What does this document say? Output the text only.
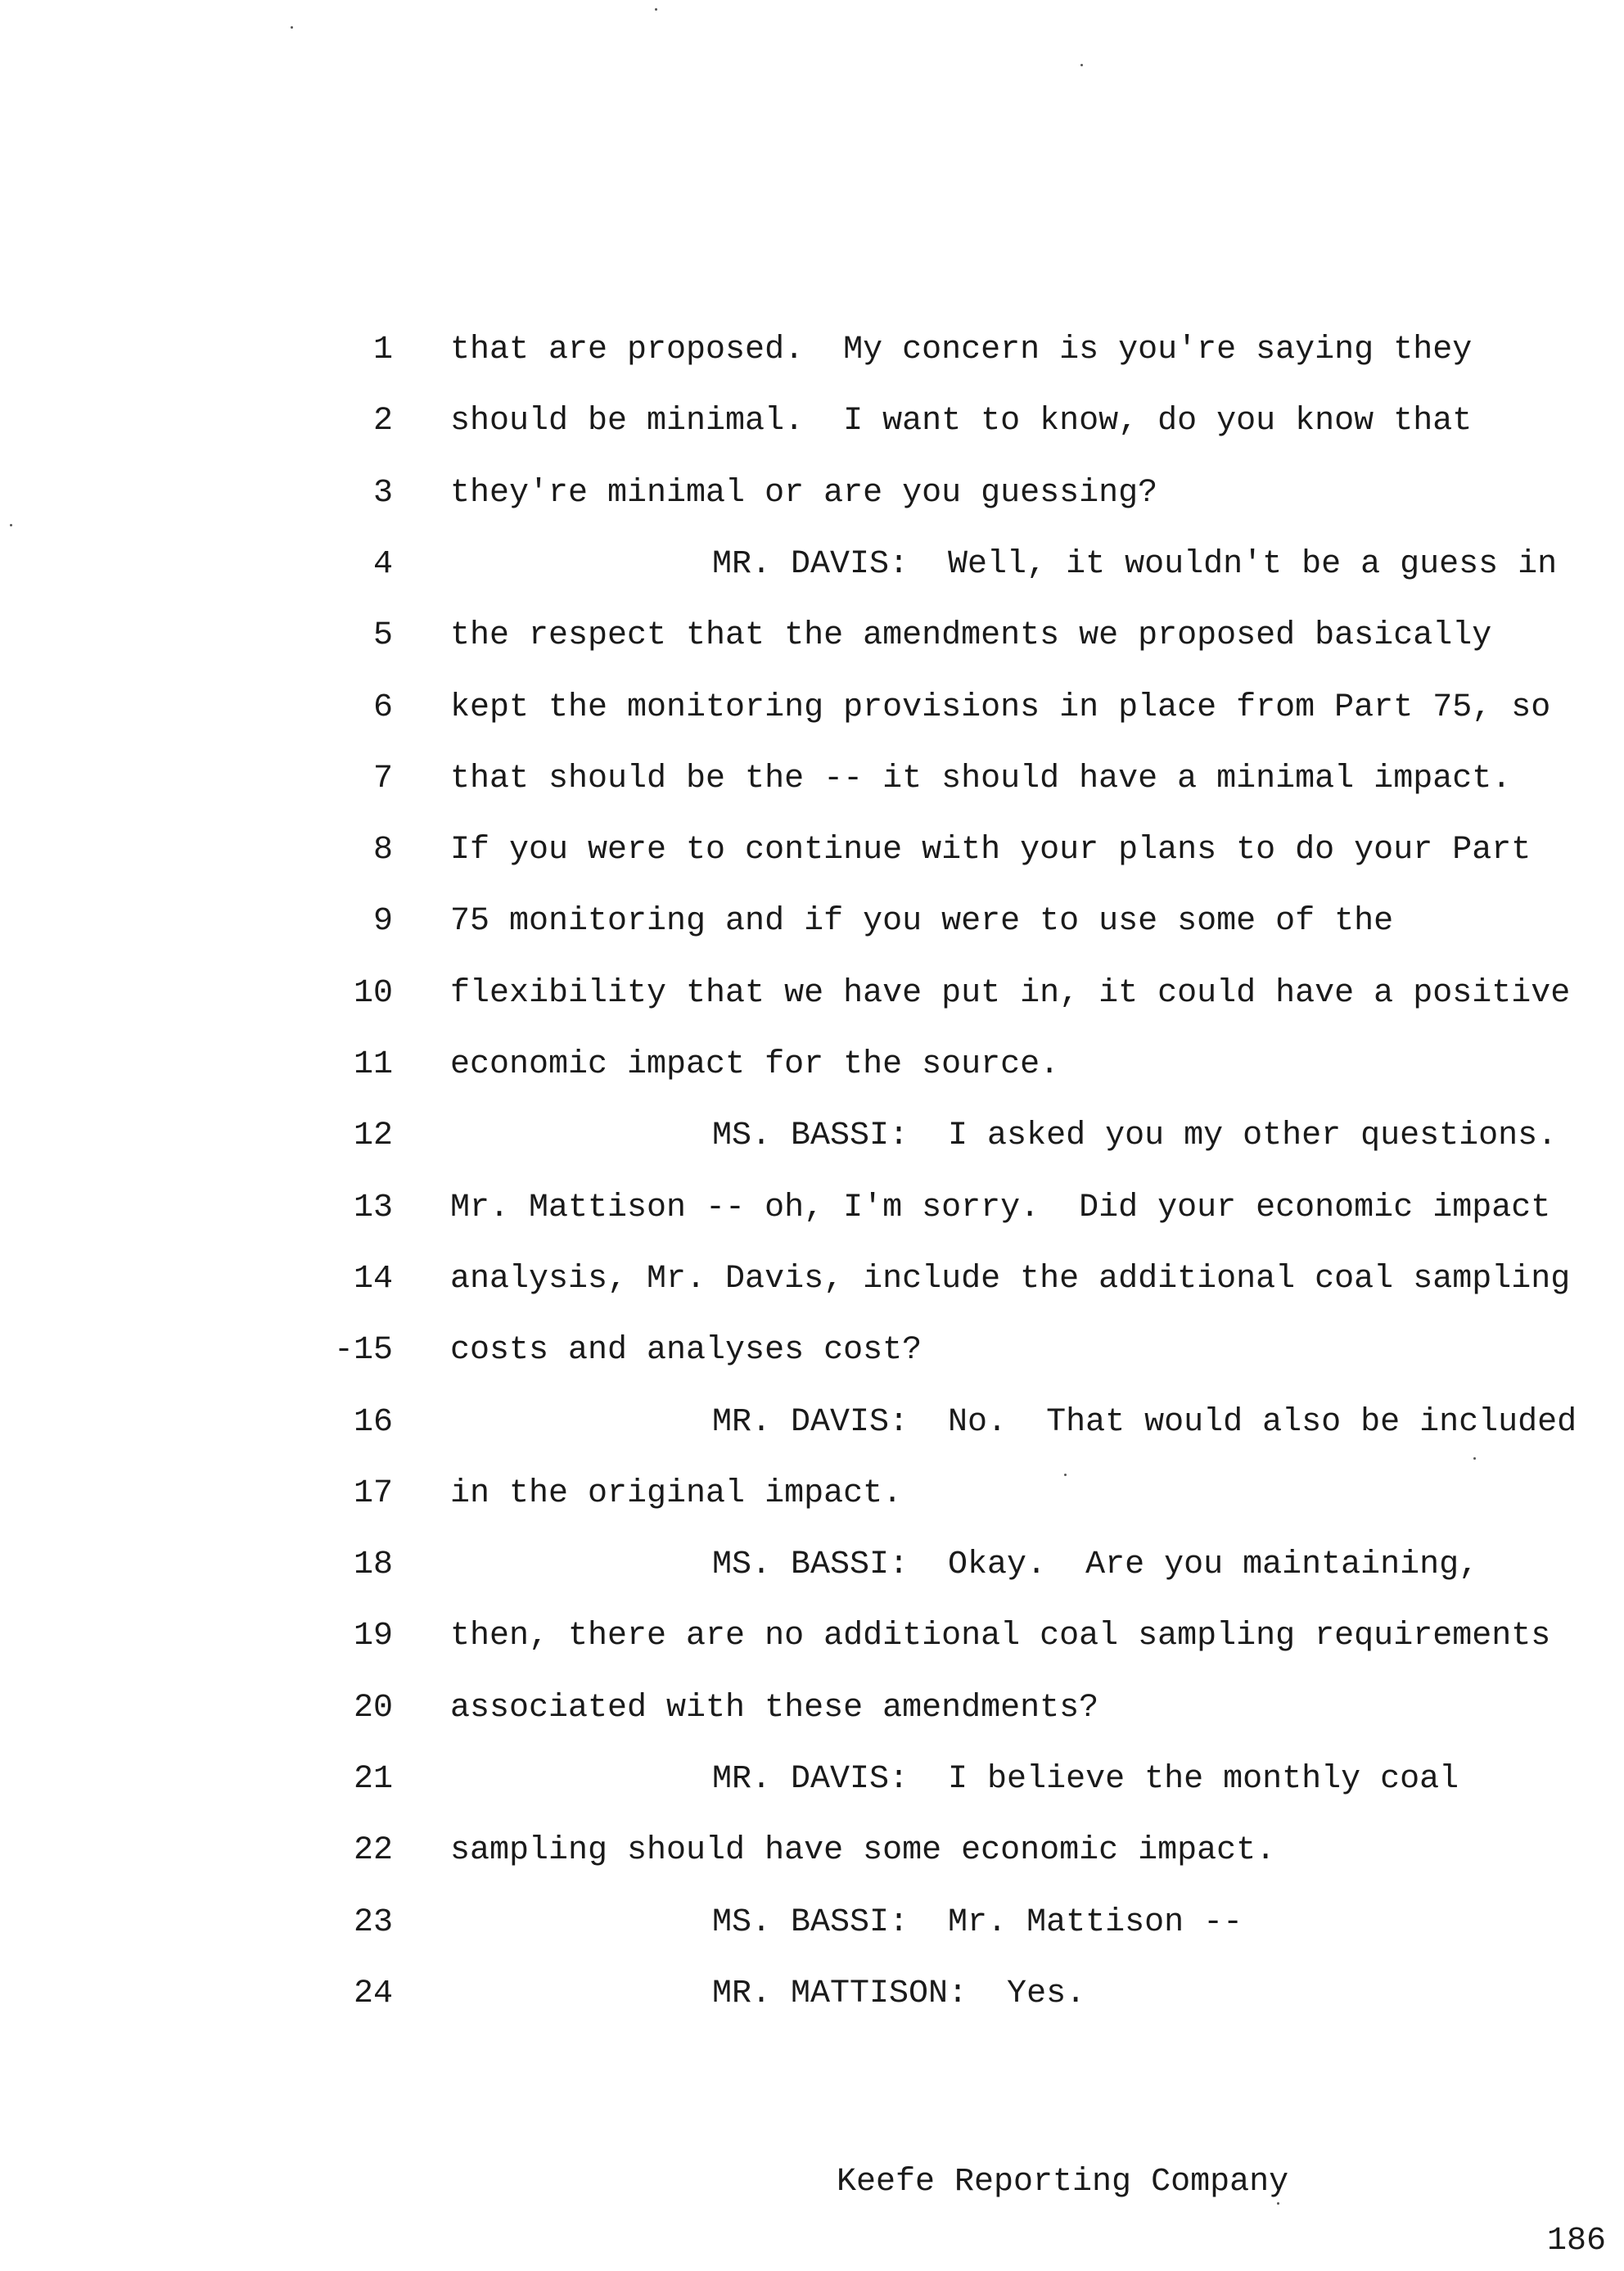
1 that are proposed.  My concern is you're saying they
2 should be minimal.  I want to know, do you know that
3 they're minimal or are you guessing?
4	MR. DAVIS:  Well, it wouldn't be a guess in
5 the respect that the amendments we proposed basically
6 kept the monitoring provisions in place from Part 75, so
7 that should be the -- it should have a minimal impact.
8 If you were to continue with your plans to do your Part
9 75 monitoring and if you were to use some of the
10 flexibility that we have put in, it could have a positive
11 economic impact for the source.
12	MS. BASSI:  I asked you my other questions.
13 Mr. Mattison -- oh, I'm sorry.  Did your economic impact
14 analysis, Mr. Davis, include the additional coal sampling
-15 costs and analyses cost?
16	MR. DAVIS:  No.  That would also be included
17 in the original impact.
18	MS. BASSI:  Okay.  Are you maintaining,
19 then, there are no additional coal sampling requirements
20 associated with these amendments?
21	MR. DAVIS:  I believe the monthly coal
22 sampling should have some economic impact.
23	MS. BASSI:  Mr. Mattison --
24	MR. MATTISON:  Yes.

Keefe Reporting Company

186
